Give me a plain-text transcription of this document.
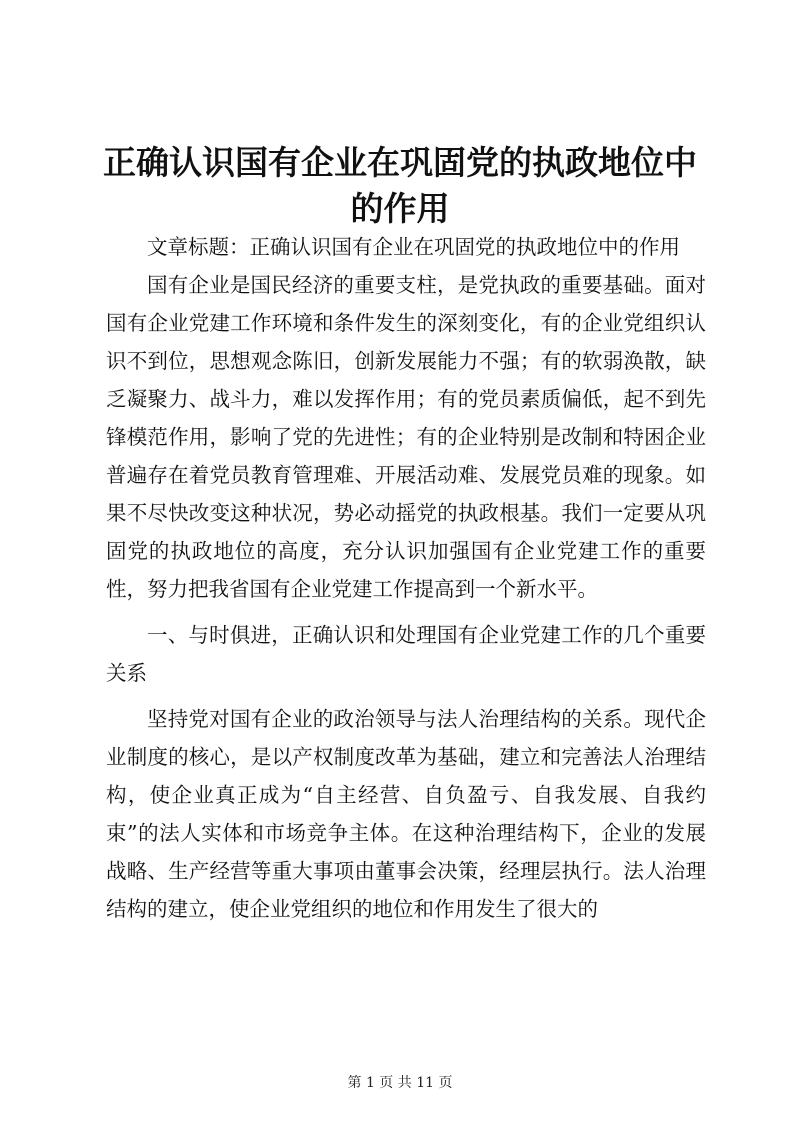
正确认识国有企业在巩固党的执政地位中的作用

文章标题：正确认识国有企业在巩固党的执政地位中的作用

国有企业是国民经济的重要支柱，是党执政的重要基础。面对国有企业党建工作环境和条件发生的深刻变化，有的企业党组织认识不到位，思想观念陈旧，创新发展能力不强；有的软弱涣散，缺乏凝聚力、战斗力，难以发挥作用；有的党员素质偏低，起不到先锋模范作用，影响了党的先进性；有的企业特别是改制和特困企业普遍存在着党员教育管理难、开展活动难、发展党员难的现象。如果不尽快改变这种状况，势必动摇党的执政根基。我们一定要从巩固党的执政地位的高度，充分认识加强国有企业党建工作的重要性，努力把我省国有企业党建工作提高到一个新水平。

一、与时俱进，正确认识和处理国有企业党建工作的几个重要关系

坚持党对国有企业的政治领导与法人治理结构的关系。现代企业制度的核心，是以产权制度改革为基础，建立和完善法人治理结构，使企业真正成为“自主经营、自负盈亏、自我发展、自我约束”的法人实体和市场竞争主体。在这种治理结构下，企业的发展战略、生产经营等重大事项由董事会决策，经理层执行。法人治理结构的建立，使企业党组织的地位和作用发生了很大的

第 1 页 共 11 页
